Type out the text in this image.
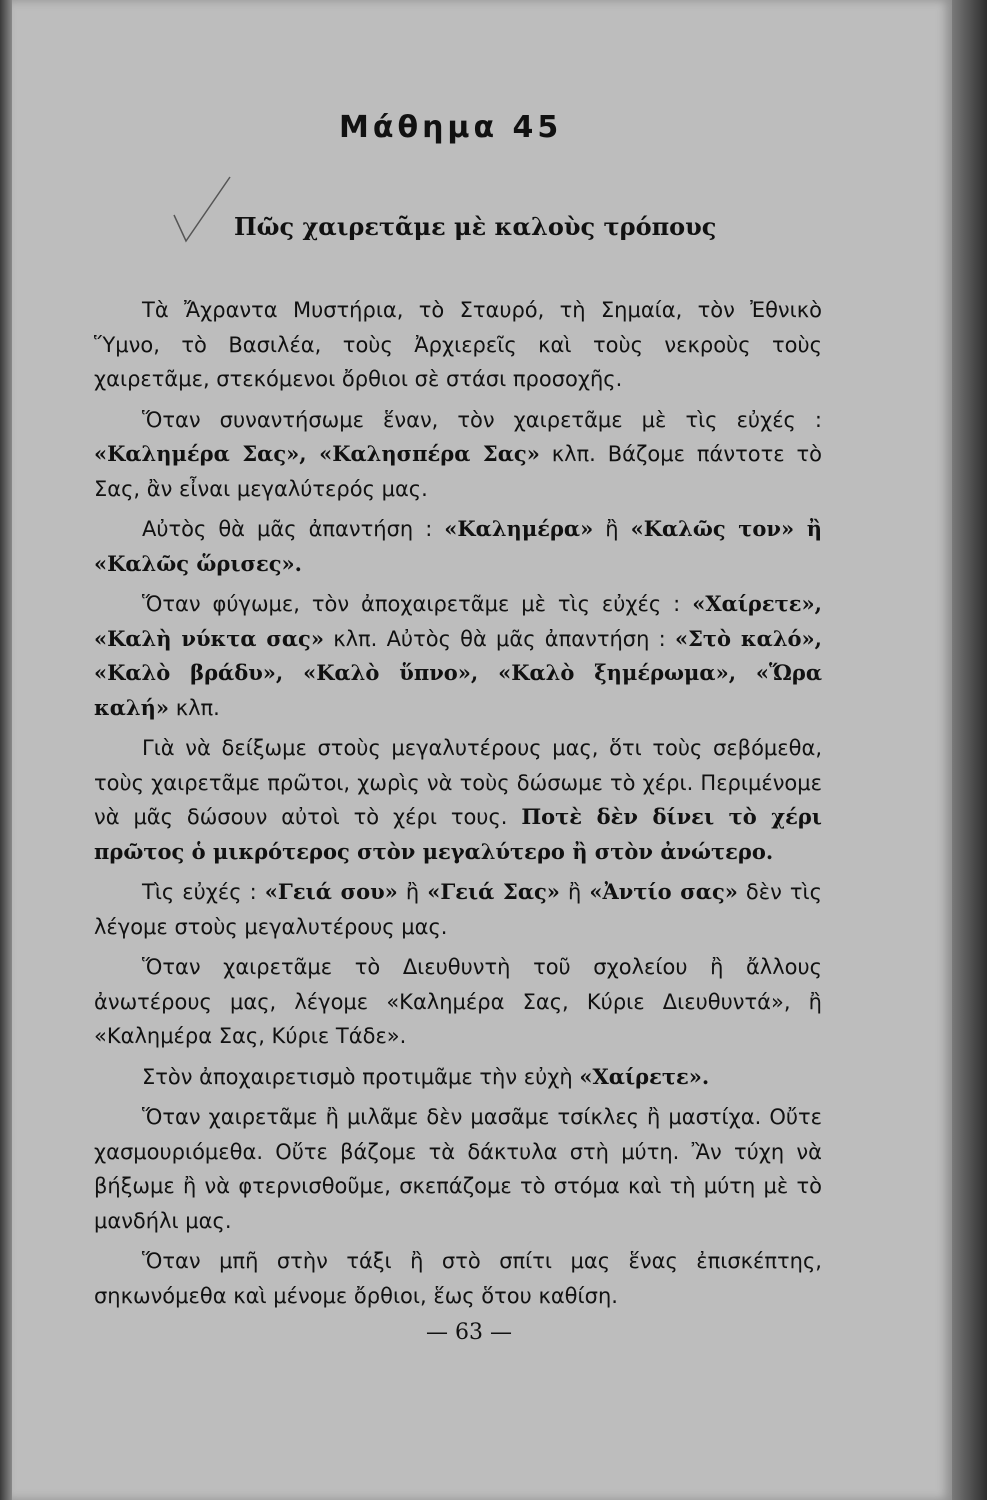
Μάθημα 45
Πῶς χαιρετᾶμε μὲ καλοὺς τρόπους

Τὰ Ἄχραντα Μυστήρια, τὸ Σταυρό, τὴ Σημαία, τὸν Ἐθνικὸ Ὕμνο, τὸ Βασιλέα, τοὺς Ἀρχιερεῖς καὶ τοὺς νεκροὺς τοὺς χαιρετᾶμε, στεκόμενοι ὄρθιοι σὲ στάσι προσοχῆς.

Ὅταν συναντήσωμε ἕναν, τὸν χαιρετᾶμε μὲ τὶς εὐχές : «Καλημέρα Σας», «Καλησπέρα Σας» κλπ. Βάζομε πάντοτε τὸ Σας, ἂν εἶναι μεγαλύτερός μας.

Αὐτὸς θὰ μᾶς ἀπαντήση : «Καλημέρα» ἢ «Καλῶς τον» ἢ «Καλῶς ὥρισες».

Ὅταν φύγωμε, τὸν ἀποχαιρετᾶμε μὲ τὶς εὐχές : «Χαίρετε», «Καλὴ νύκτα σας» κλπ. Αὐτὸς θὰ μᾶς ἀπαντήση : «Στὸ καλό», «Καλὸ βράδυ», «Καλὸ ὕπνο», «Καλὸ ξημέρωμα», «Ὥρα καλή» κλπ.

Γιὰ νὰ δείξωμε στοὺς μεγαλυτέρους μας, ὅτι τοὺς σεβόμεθα, τοὺς χαιρετᾶμε πρῶτοι, χωρὶς νὰ τοὺς δώσωμε τὸ χέρι. Περιμένομε νὰ μᾶς δώσουν αὐτοὶ τὸ χέρι τους. Ποτὲ δὲν δίνει τὸ χέρι πρῶτος ὁ μικρότερος στὸν μεγαλύτερο ἢ στὸν ἀνώτερο.

Τὶς εὐχές : «Γειά σου» ἢ «Γειά Σας» ἢ «Ἀντίο σας» δὲν τὶς λέγομε στοὺς μεγαλυτέρους μας.

Ὅταν χαιρετᾶμε τὸ Διευθυντὴ τοῦ σχολείου ἢ ἄλλους ἀνωτέρους μας, λέγομε «Καλημέρα Σας, Κύριε Διευθυντά», ἢ «Καλημέρα Σας, Κύριε Τάδε».

Στὸν ἀποχαιρετισμὸ προτιμᾶμε τὴν εὐχὴ «Χαίρετε».

Ὅταν χαιρετᾶμε ἢ μιλᾶμε δὲν μασᾶμε τσίκλες ἢ μαστίχα. Οὔτε χασμουριόμεθα. Οὔτε βάζομε τὰ δάκτυλα στὴ μύτη. Ἂν τύχη νὰ βήξωμε ἢ νὰ φτερνισθοῦμε, σκεπάζομε τὸ στόμα καὶ τὴ μύτη μὲ τὸ μανδήλι μας.

Ὅταν μπῆ στὴν τάξι ἢ στὸ σπίτι μας ἕνας ἐπισκέπτης, σηκωνόμεθα καὶ μένομε ὄρθιοι, ἕως ὅτου καθίση.

— 63 —
